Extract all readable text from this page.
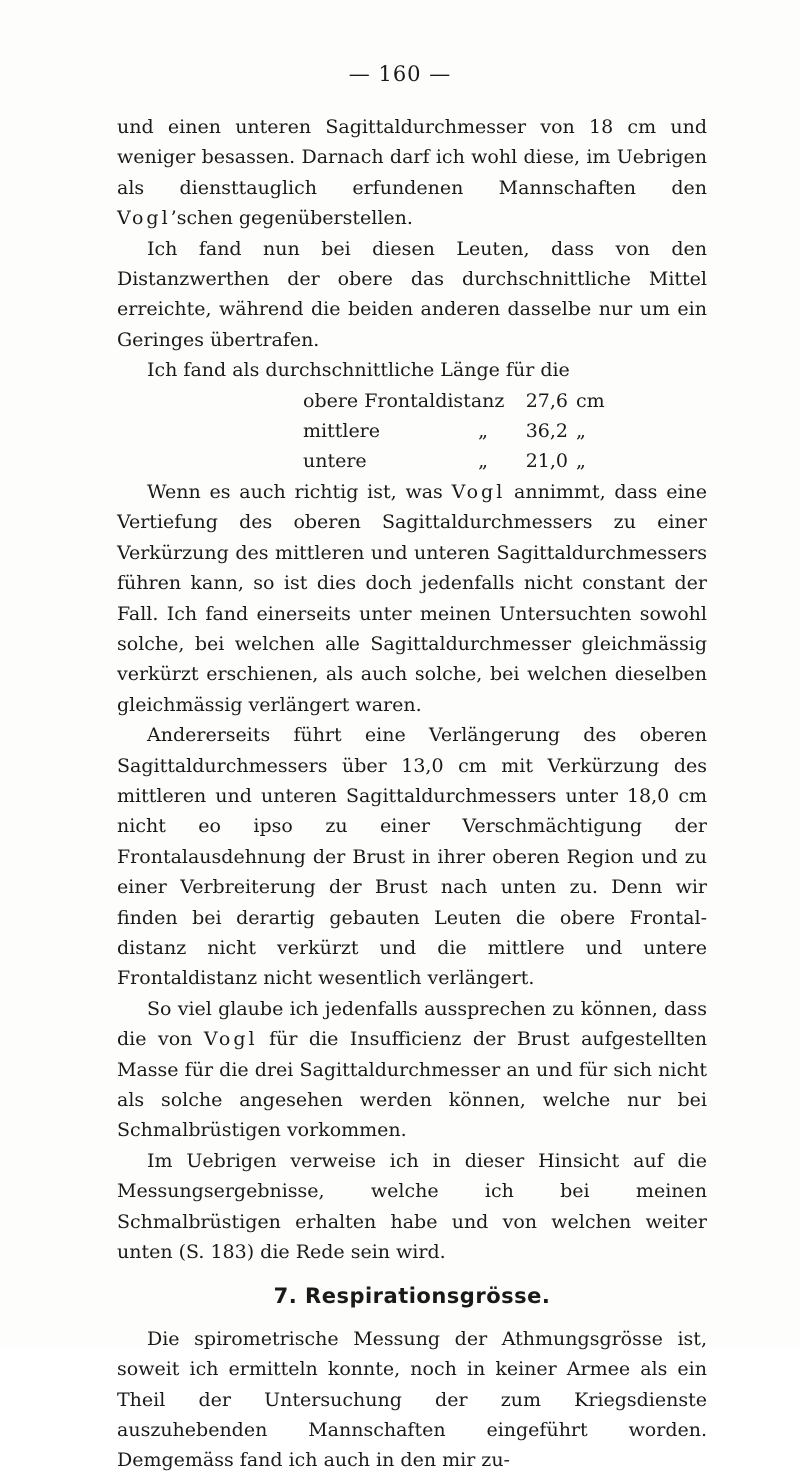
— 160 —

und einen unteren Sagittaldurchmesser von 18 cm und weniger besassen. Darnach darf ich wohl diese, im Uebrigen als diensttauglich erfundenen Mannschaften den Vogl’schen gegenüberstellen.

Ich fand nun bei diesen Leuten, dass von den Distanzwerthen der obere das durchschnittliche Mittel erreichte, während die beiden anderen dasselbe nur um ein Geringes übertrafen.

Ich fand als durchschnittliche Länge für die

obere Frontaldistanz		27,6	cm
mittlere	„	36,2	„
untere	„	21,0	„

Wenn es auch richtig ist, was Vogl annimmt, dass eine Vertiefung des oberen Sagittaldurchmessers zu einer Verkürzung des mittleren und unteren Sagittaldurchmessers führen kann, so ist dies doch jedenfalls nicht constant der Fall. Ich fand einerseits unter meinen Untersuchten sowohl solche, bei welchen alle Sagittaldurchmesser gleichmässig verkürzt erschienen, als auch solche, bei welchen dieselben gleichmässig verlängert waren.

Andererseits führt eine Verlängerung des oberen Sagittaldurchmessers über 13,0 cm mit Verkürzung des mittleren und unteren Sagittaldurchmessers unter 18,0 cm nicht eo ipso zu einer Verschmächtigung der Frontalausdehnung der Brust in ihrer oberen Region und zu einer Verbreiterung der Brust nach unten zu. Denn wir finden bei derartig gebauten Leuten die obere Frontaldistanz nicht verkürzt und die mittlere und untere Frontaldistanz nicht wesentlich verlängert.

So viel glaube ich jedenfalls aussprechen zu können, dass die von Vogl für die Insufficienz der Brust aufgestellten Masse für die drei Sagittaldurchmesser an und für sich nicht als solche angesehen werden können, welche nur bei Schmalbrüstigen vorkommen.

Im Uebrigen verweise ich in dieser Hinsicht auf die Messungsergebnisse, welche ich bei meinen Schmalbrüstigen erhalten habe und von welchen weiter unten (S. 183) die Rede sein wird.

7. Respirationsgrösse.

Die spirometrische Messung der Athmungsgrösse ist, soweit ich ermitteln konnte, noch in keiner Armee als ein Theil der Untersuchung der zum Kriegsdienste auszuhebenden Mannschaften eingeführt worden. Demgemäss fand ich auch in den mir zu-
